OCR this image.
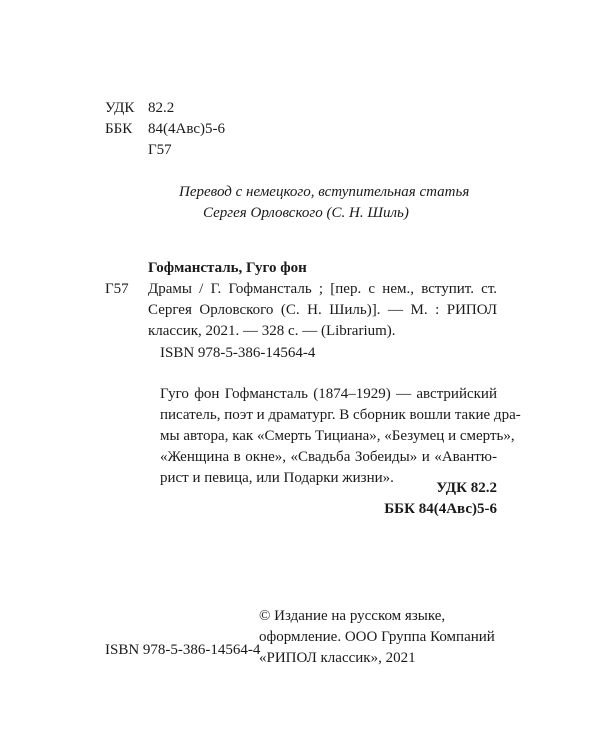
УДК 82.2
ББК 84(4Авс)5-6
Г57
Перевод с немецкого, вступительная статья
Сергея Орловского (С. Н. Шиль)
Гофмансталь, Гуго фон
Г57 Драмы / Г. Гофмансталь ; [пер. с нем., вступит. ст.
Сергея Орловского (С. Н. Шиль)]. — М. : РИПОЛ
классик, 2021. — 328 с. — (Librarium).
ISBN 978-5-386-14564-4
Гуго фон Гофмансталь (1874–1929) — австрийский
писатель, поэт и драматург. В сборник вошли такие дра-
мы автора, как «Смерть Тициана», «Безумец и смерть»,
«Женщина в окне», «Свадьба Зобеиды» и «Авантю-
рист и певица, или Подарки жизни».
УДК 82.2
ББК 84(4Авс)5-6
ISBN 978-5-386-14564-4
© Издание на русском языке,
оформление. ООО Группа Компаний
«РИПОЛ классик», 2021
